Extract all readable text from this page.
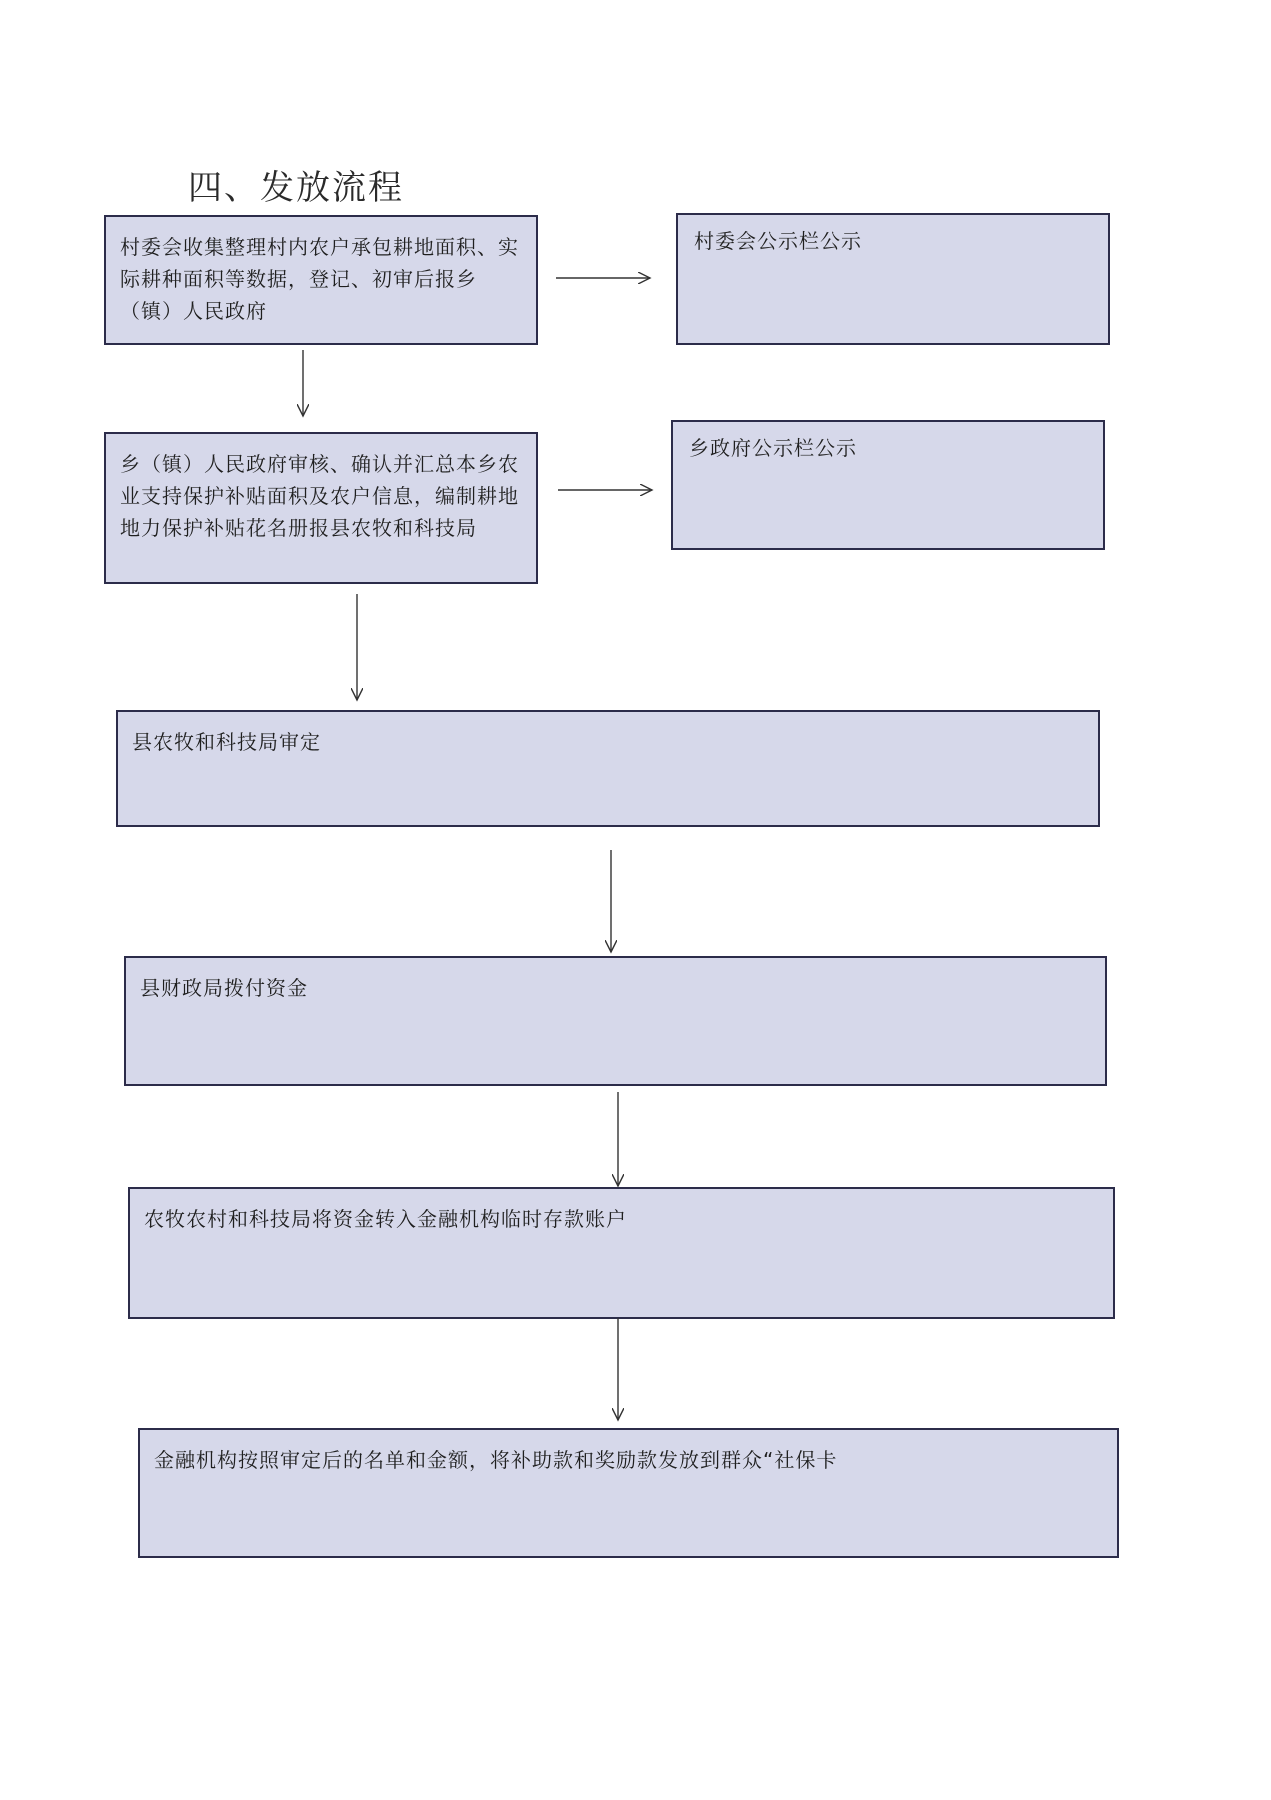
四、发放流程
村委会收集整理村内农户承包耕地面积、实际耕种面积等数据，登记、初审后报乡（镇）人民政府
村委会公示栏公示
乡（镇）人民政府审核、确认并汇总本乡农业支持保护补贴面积及农户信息，编制耕地地力保护补贴花名册报县农牧和科技局
乡政府公示栏公示
县农牧和科技局审定
县财政局拨付资金
农牧农村和科技局将资金转入金融机构临时存款账户
金融机构按照审定后的名单和金额，将补助款和奖励款发放到群众“社保卡
